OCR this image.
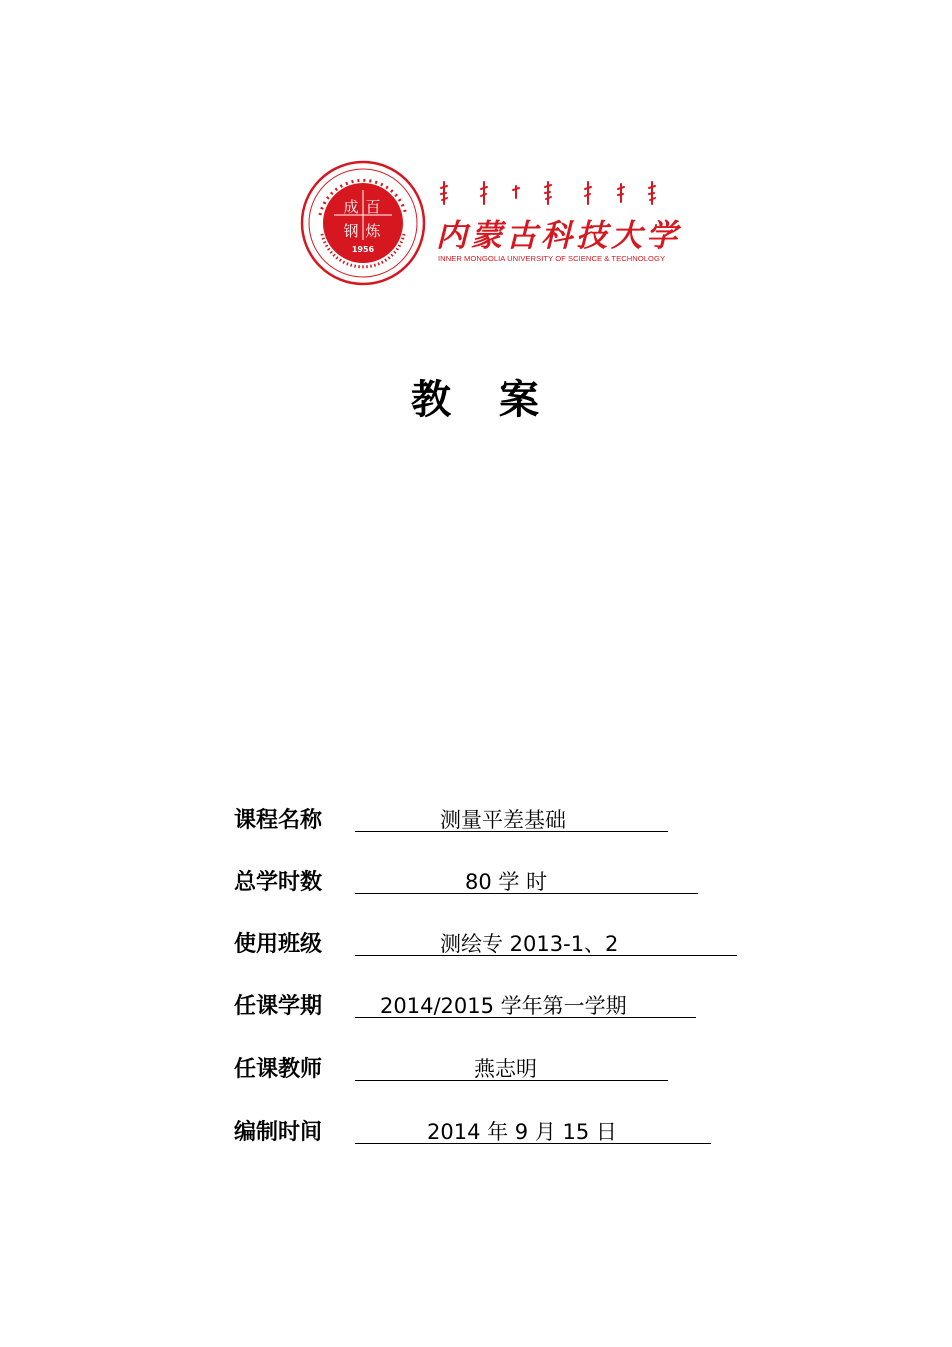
1956
百炼成钢	内蒙古科技大学
INNER MONGOLIA UNIVERSITY OF SCIENCE & TECHNOLOGY
教 案
课程名称	测量平差基础
总学时数	80 学 时
使用班级	测绘专 2013-1、2
任课学期	2014/2015 学年第一学期
任课教师	燕志明
编制时间	2014 年 9 月 15 日
